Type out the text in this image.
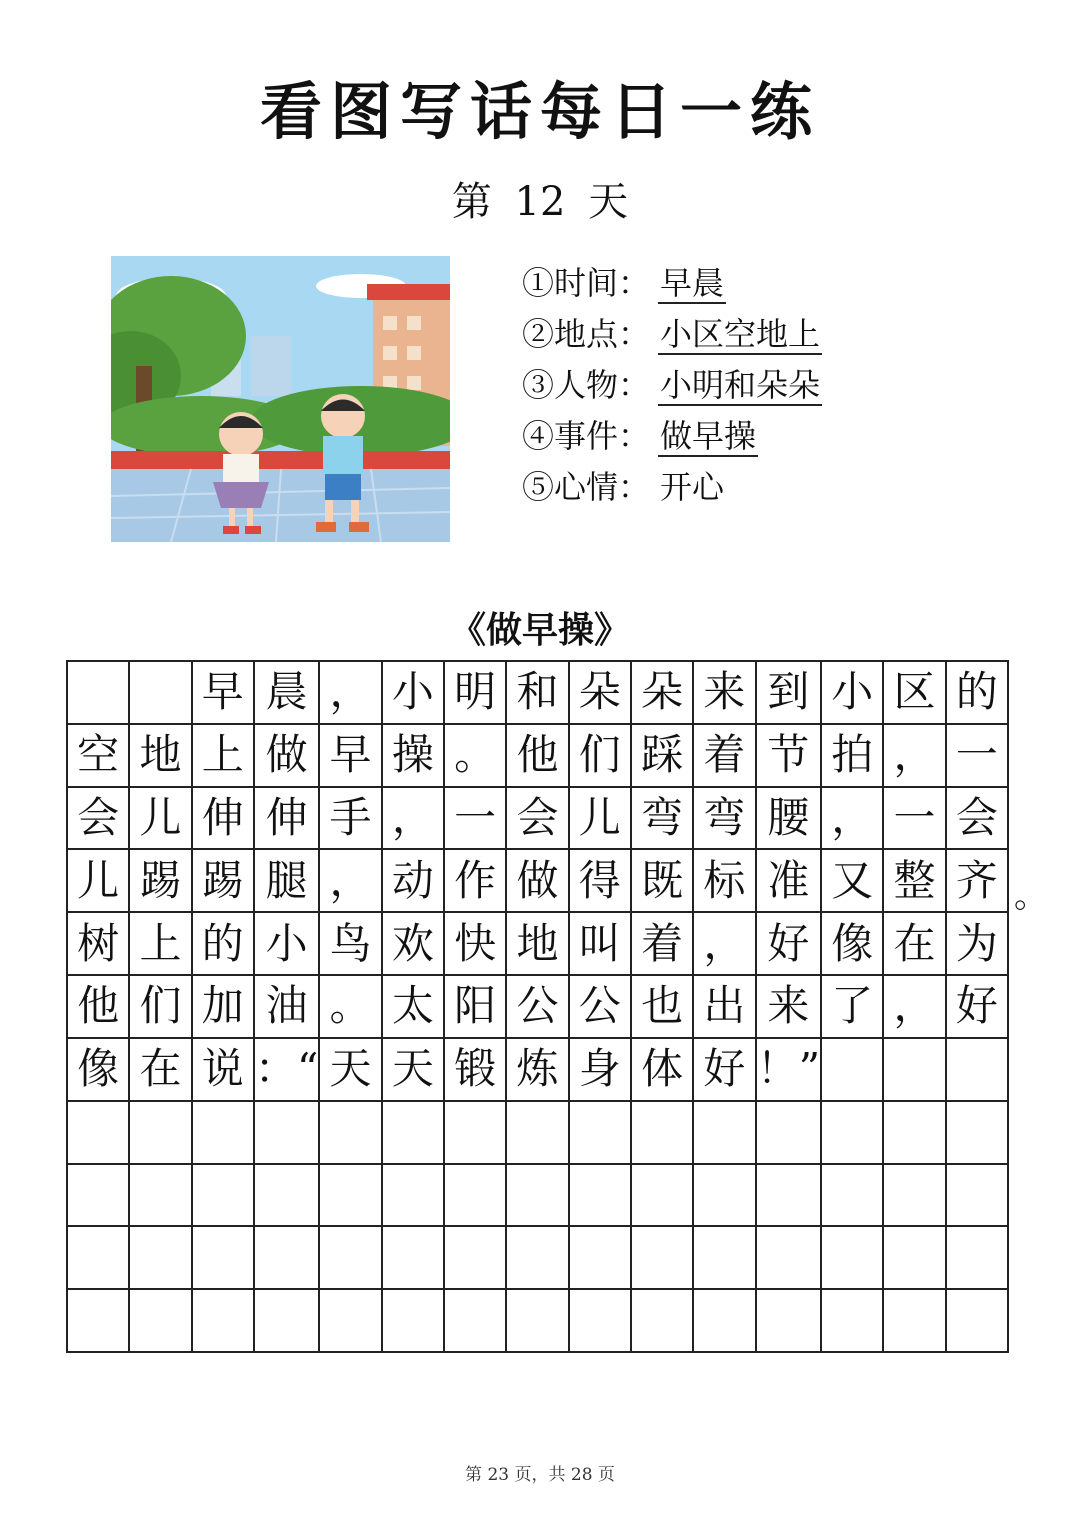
看图写话每日一练
第 12 天
①时间： 早晨
②地点： 小区空地上
③人物： 小明和朵朵
④事件： 做早操
⑤心情： 开心
《做早操》
早 晨 ， 小 明 和 朵 朵 来 到 小 区 的
空 地 上 做 早 操 。 他 们 踩 着 节 拍 ， 一
会 儿 伸 伸 手 ， 一 会 儿 弯 弯 腰 ， 一 会
儿 踢 踢 腿 ， 动 作 做 得 既 标 准 又 整 齐
树 上 的 小 鸟 欢 快 地 叫 着 ， 好 像 在 为
他 们 加 油 。 太 阳 公 公 也 出 来 了 ， 好
像 在 说 ：“ 天 天 锻 炼 身 体 好 ！”
。
第 23 页，共 28 页
